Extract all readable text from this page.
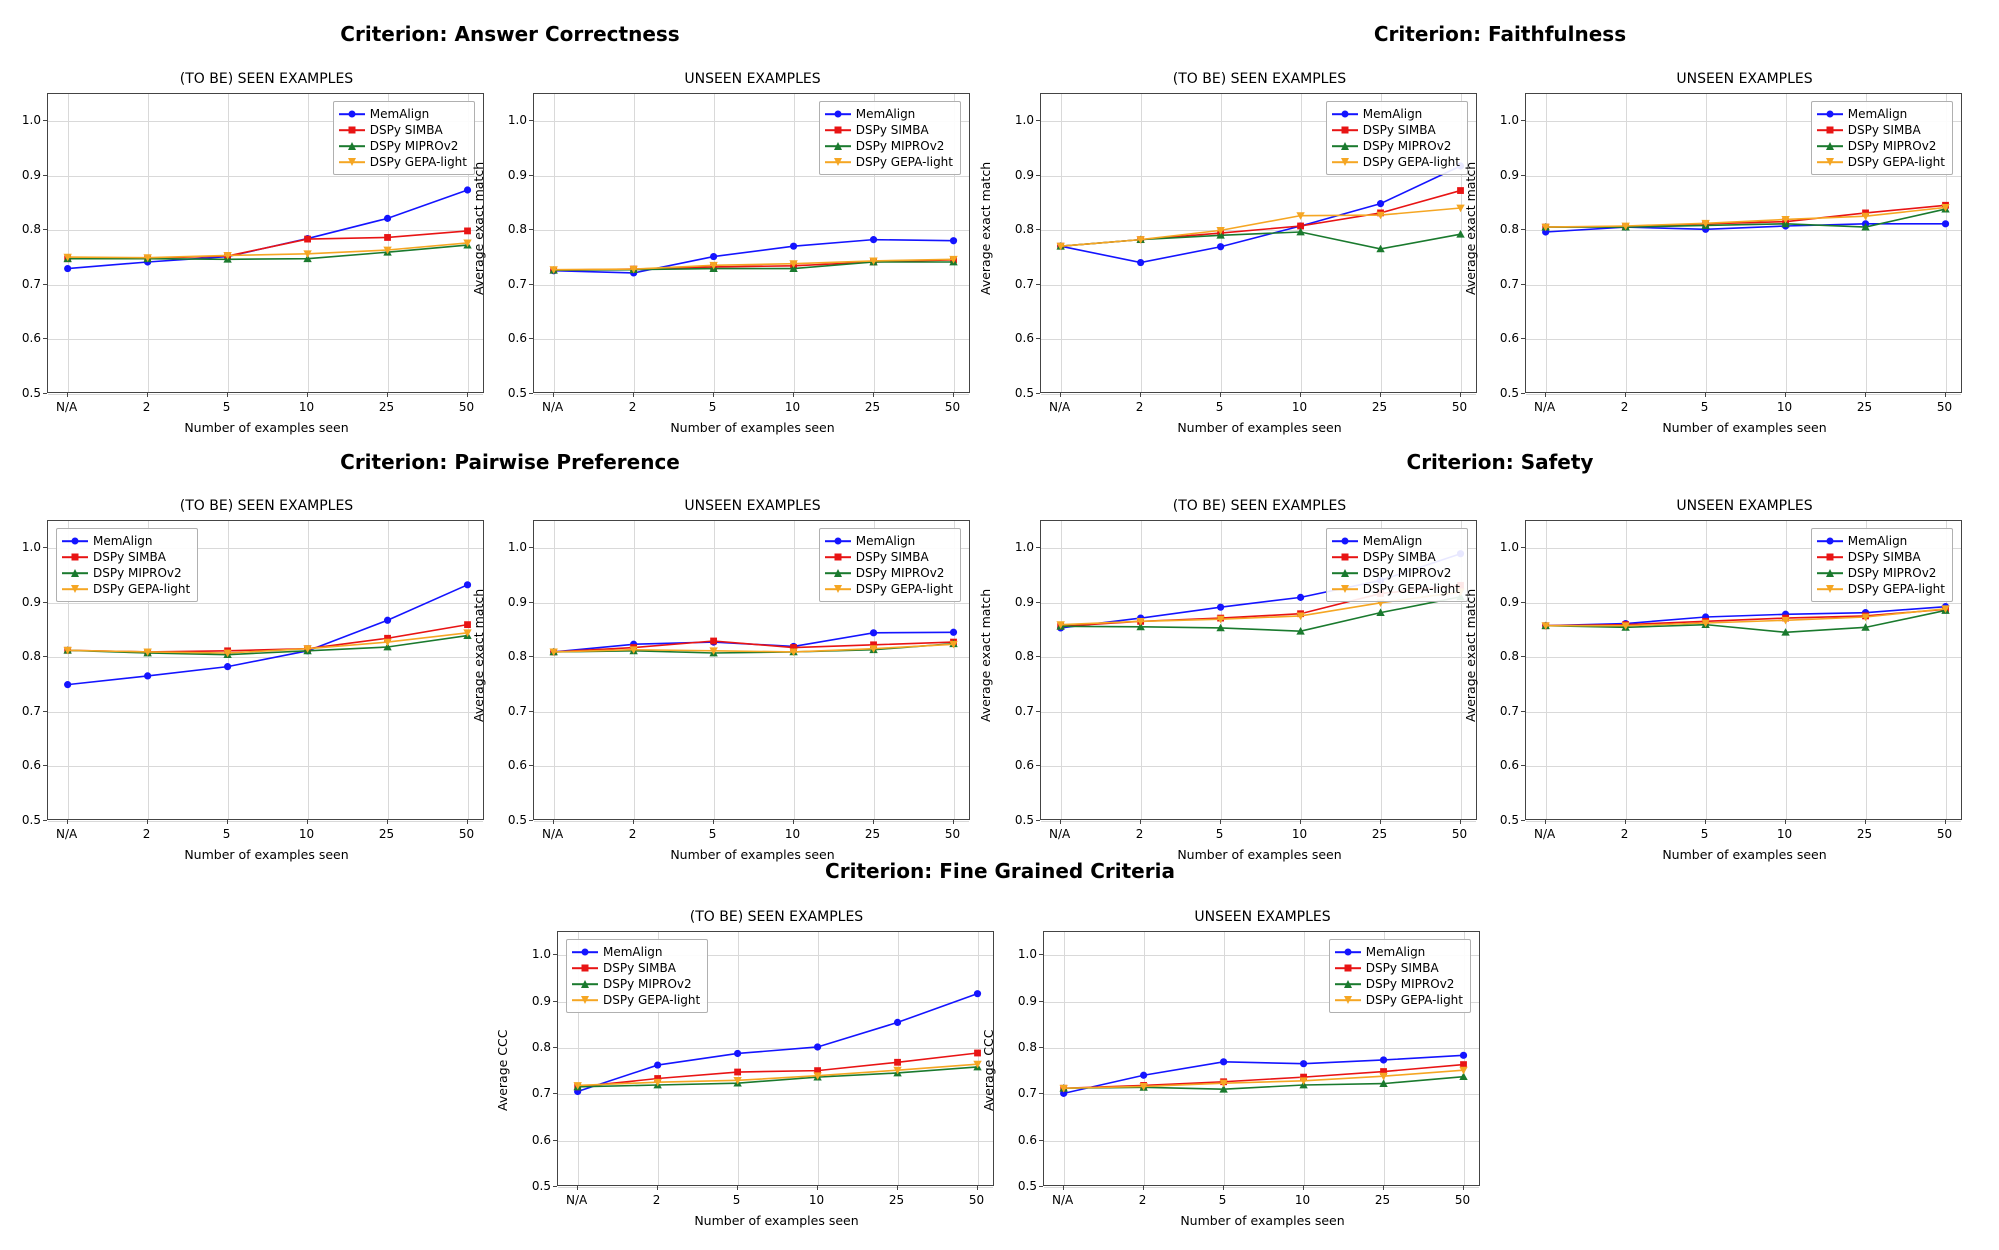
Criterion: Answer Correctness	Criterion: Faithfulness
Criterion: Pairwise Preference	Criterion: Safety
Criterion: Fine Grained Criteria
(TO BE) SEEN EXAMPLES
MemAlign
DSPy SIMBA
DSPy MIPROv2
DSPy GEPA-light
0.5
0.6
0.7
0.8
0.9
1.0
N/A	2	5	10	25	50
Number of examples seen
UNSEEN EXAMPLES
MemAlign
DSPy SIMBA
DSPy MIPROv2
DSPy GEPA-light
0.5
0.6
0.7
0.8
0.9
1.0
N/A	2	5	10	25	50
Number of examples seen
Average exact match
(TO BE) SEEN EXAMPLES
MemAlign
DSPy SIMBA
DSPy MIPROv2
DSPy GEPA-light
0.5
0.6
0.7
0.8
0.9
1.0
N/A	2	5	10	25	50
Number of examples seen
Average exact match
UNSEEN EXAMPLES
MemAlign
DSPy SIMBA
DSPy MIPROv2
DSPy GEPA-light
0.5
0.6
0.7
0.8
0.9
1.0
N/A	2	5	10	25	50
Number of examples seen
Average exact match
(TO BE) SEEN EXAMPLES
MemAlign
DSPy SIMBA
DSPy MIPROv2
DSPy GEPA-light
0.5
0.6
0.7
0.8
0.9
1.0
N/A	2	5	10	25	50
Number of examples seen
UNSEEN EXAMPLES
MemAlign
DSPy SIMBA
DSPy MIPROv2
DSPy GEPA-light
0.5
0.6
0.7
0.8
0.9
1.0
N/A	2	5	10	25	50
Number of examples seen
Average exact match
(TO BE) SEEN EXAMPLES
MemAlign
DSPy SIMBA
DSPy MIPROv2
DSPy GEPA-light
0.5
0.6
0.7
0.8
0.9
1.0
N/A	2	5	10	25	50
Number of examples seen
Average exact match
UNSEEN EXAMPLES
MemAlign
DSPy SIMBA
DSPy MIPROv2
DSPy GEPA-light
0.5
0.6
0.7
0.8
0.9
1.0
N/A	2	5	10	25	50
Number of examples seen
Average exact match
(TO BE) SEEN EXAMPLES
MemAlign
DSPy SIMBA
DSPy MIPROv2
DSPy GEPA-light
0.5
0.6
0.7
0.8
0.9
1.0
N/A	2	5	10	25	50
Number of examples seen
Average CCC
UNSEEN EXAMPLES
MemAlign
DSPy SIMBA
DSPy MIPROv2
DSPy GEPA-light
0.5
0.6
0.7
0.8
0.9
1.0
N/A	2	5	10	25	50
Number of examples seen
Average CCC
